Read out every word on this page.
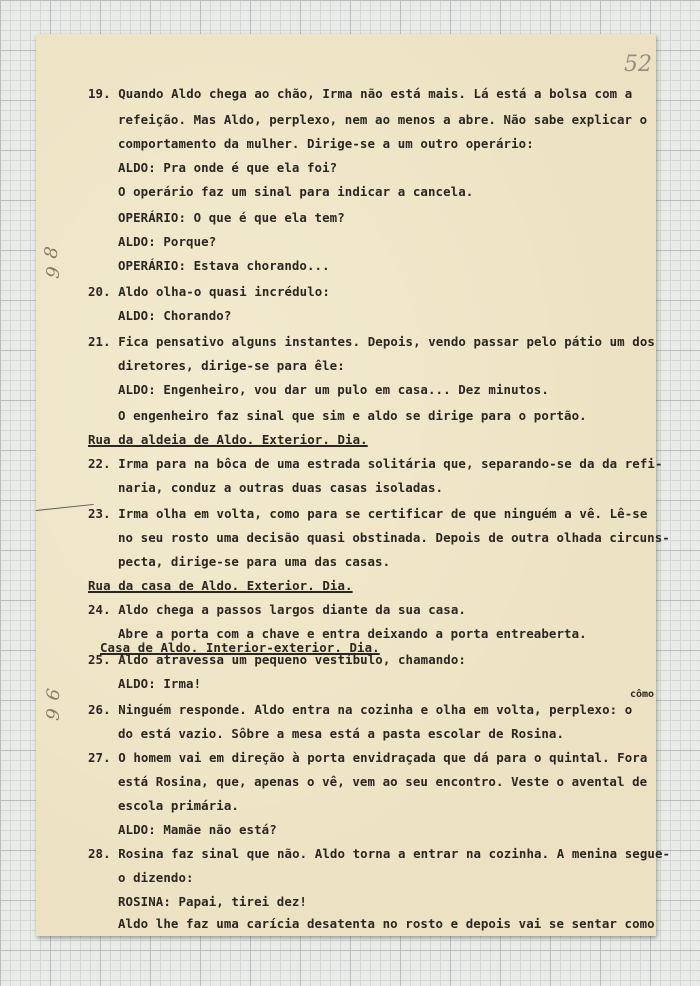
52
8
9
6
9
cômo
19. Quando Aldo chega ao chão, Irma não está mais. Lá está a bolsa com a
refeição. Mas Aldo, perplexo, nem ao menos a abre. Não sabe explicar o
comportamento da mulher. Dirige-se a um outro operário:
ALDO: Pra onde é que ela foi?
O operário faz um sinal para indicar a cancela.
OPERÁRIO: O que é que ela tem?
ALDO: Porque?
OPERÁRIO: Estava chorando...
20. Aldo olha-o quasi incrédulo:
ALDO: Chorando?
21. Fica pensativo alguns instantes. Depois, vendo passar pelo pátio um dos
diretores, dirige-se para êle:
ALDO: Engenheiro, vou dar um pulo em casa... Dez minutos.
O engenheiro faz sinal que sim e aldo se dirige para o portão.
Rua da aldeia de Aldo. Exterior. Dia.
22. Irma para na bôca de uma estrada solitária que, separando-se da da refi-
naria, conduz a outras duas casas isoladas.
23. Irma olha em volta, como para se certificar de que ninguém a vê. Lê-se
no seu rosto uma decisão quasi obstinada. Depois de outra olhada circuns-
pecta, dirige-se para uma das casas.
Rua da casa de Aldo. Exterior. Dia.
24. Aldo chega a passos largos diante da sua casa.
Abre a porta com a chave e entra deixando a porta entreaberta.
Casa de Aldo. Interior-exterior. Dia.
25. Aldo atravessa um pequeno vestíbulo, chamando:
ALDO: Irma!
26. Ninguém responde. Aldo entra na cozinha e olha em volta, perplexo: o
do está vazio. Sôbre a mesa está a pasta escolar de Rosina.
27. O homem vai em direção à porta envidraçada que dá para o quintal. Fora
está Rosina, que, apenas o vê, vem ao seu encontro. Veste o avental de
escola primária.
ALDO: Mamãe não está?
28. Rosina faz sinal que não. Aldo torna a entrar na cozinha. A menina segue-
o dizendo:
ROSINA: Papai, tirei dez!
Aldo lhe faz uma carícia desatenta no rosto e depois vai se sentar como
